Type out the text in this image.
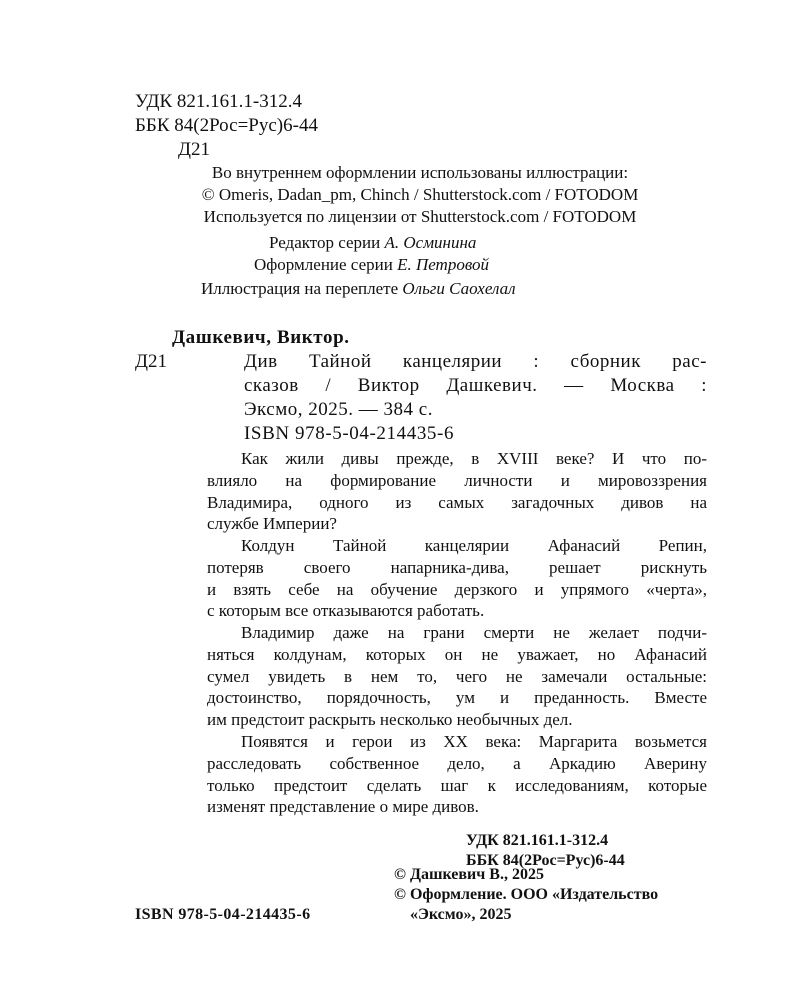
УДК 821.161.1-312.4
ББК 84(2Рос=Рус)6-44
Д21
Во внутреннем оформлении использованы иллюстрации:
© Omeris, Dadan_pm, Chinch / Shutterstock.com / FOTODOM
Используется по лицензии от Shutterstock.com / FOTODOM
Редактор серии А. Осминина
Оформление серии Е. Петровой
Иллюстрация на переплете Ольги Саохелал
Дашкевич, Виктор.
Д21	Див Тайной канцелярии : сборник рас-
сказов / Виктор Дашкевич. — Москва :
Эксмо, 2025. — 384 с.
ISBN 978-5-04-214435-6
Как жили дивы прежде, в XVIII веке? И что по-
влияло на формирование личности и мировоззрения
Владимира, одного из самых загадочных дивов на
службе Империи?
Колдун Тайной канцелярии Афанасий Репин,
потеряв своего напарника-дива, решает рискнуть
и взять себе на обучение дерзкого и упрямого «черта»,
с которым все отказываются работать.
Владимир даже на грани смерти не желает подчи-
няться колдунам, которых он не уважает, но Афанасий
сумел увидеть в нем то, чего не замечали остальные:
достоинство, порядочность, ум и преданность. Вместе
им предстоит раскрыть несколько необычных дел.
Появятся и герои из XX века: Маргарита возьмется
расследовать собственное дело, а Аркадию Аверину
только предстоит сделать шаг к исследованиям, которые
изменят представление о мире дивов.
УДК 821.161.1-312.4
ББК 84(2Рос=Рус)6-44
© Дашкевич В., 2025
© Оформление. ООО «Издательство
«Эксмо», 2025
ISBN 978-5-04-214435-6
